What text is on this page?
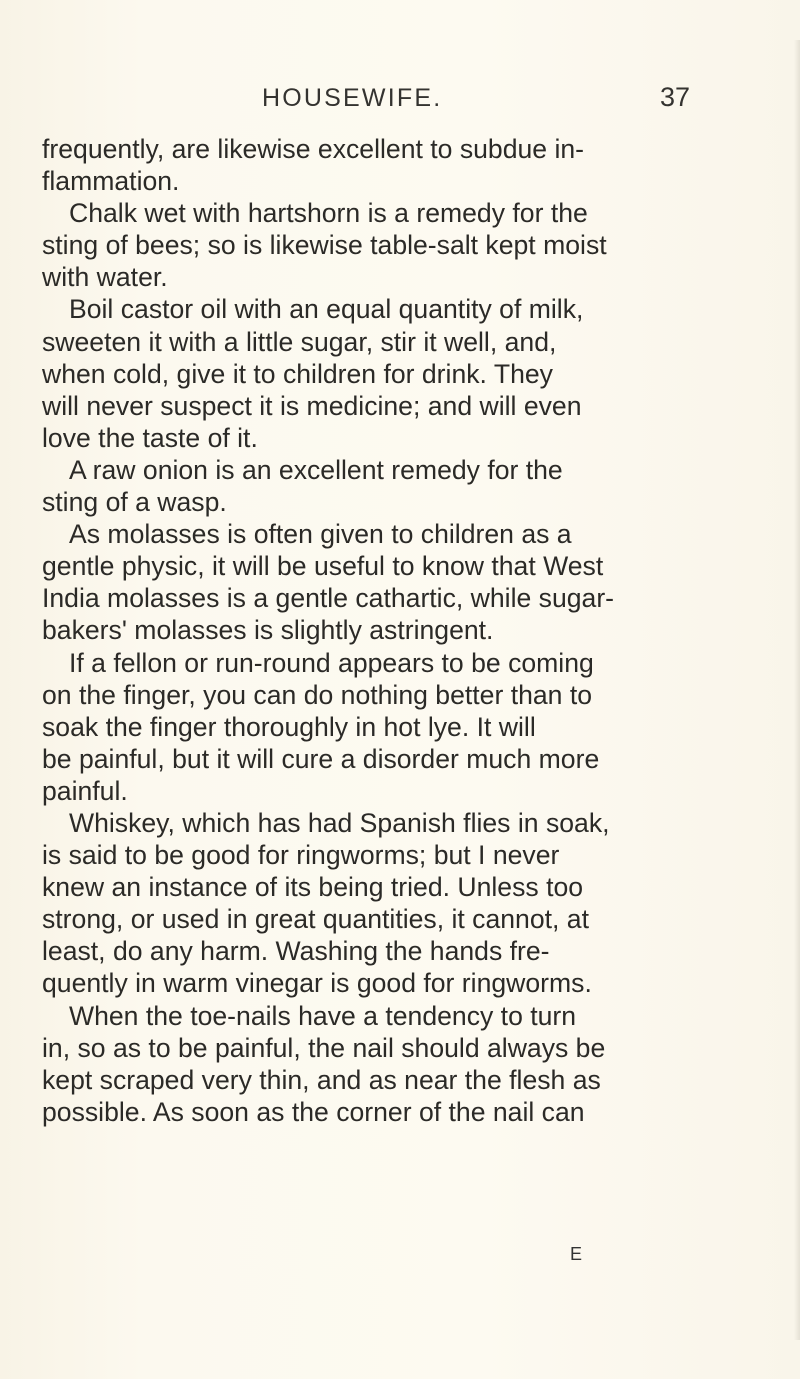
HOUSEWIFE.	37
frequently, are likewise excellent to subdue in-
flammation.
Chalk wet with hartshorn is a remedy for the
sting of bees; so is likewise table-salt kept moist
with water.
Boil castor oil with an equal quantity of milk,
sweeten it with a little sugar, stir it well, and,
when cold, give it to children for drink. They
will never suspect it is medicine; and will even
love the taste of it.
A raw onion is an excellent remedy for the
sting of a wasp.
As molasses is often given to children as a
gentle physic, it will be useful to know that West
India molasses is a gentle cathartic, while sugar-
bakers' molasses is slightly astringent.
If a fellon or run-round appears to be coming
on the finger, you can do nothing better than to
soak the finger thoroughly in hot lye. It will
be painful, but it will cure a disorder much more
painful.
Whiskey, which has had Spanish flies in soak,
is said to be good for ringworms; but I never
knew an instance of its being tried. Unless too
strong, or used in great quantities, it cannot, at
least, do any harm. Washing the hands fre-
quently in warm vinegar is good for ringworms.
When the toe-nails have a tendency to turn
in, so as to be painful, the nail should always be
kept scraped very thin, and as near the flesh as
possible. As soon as the corner of the nail can
E
